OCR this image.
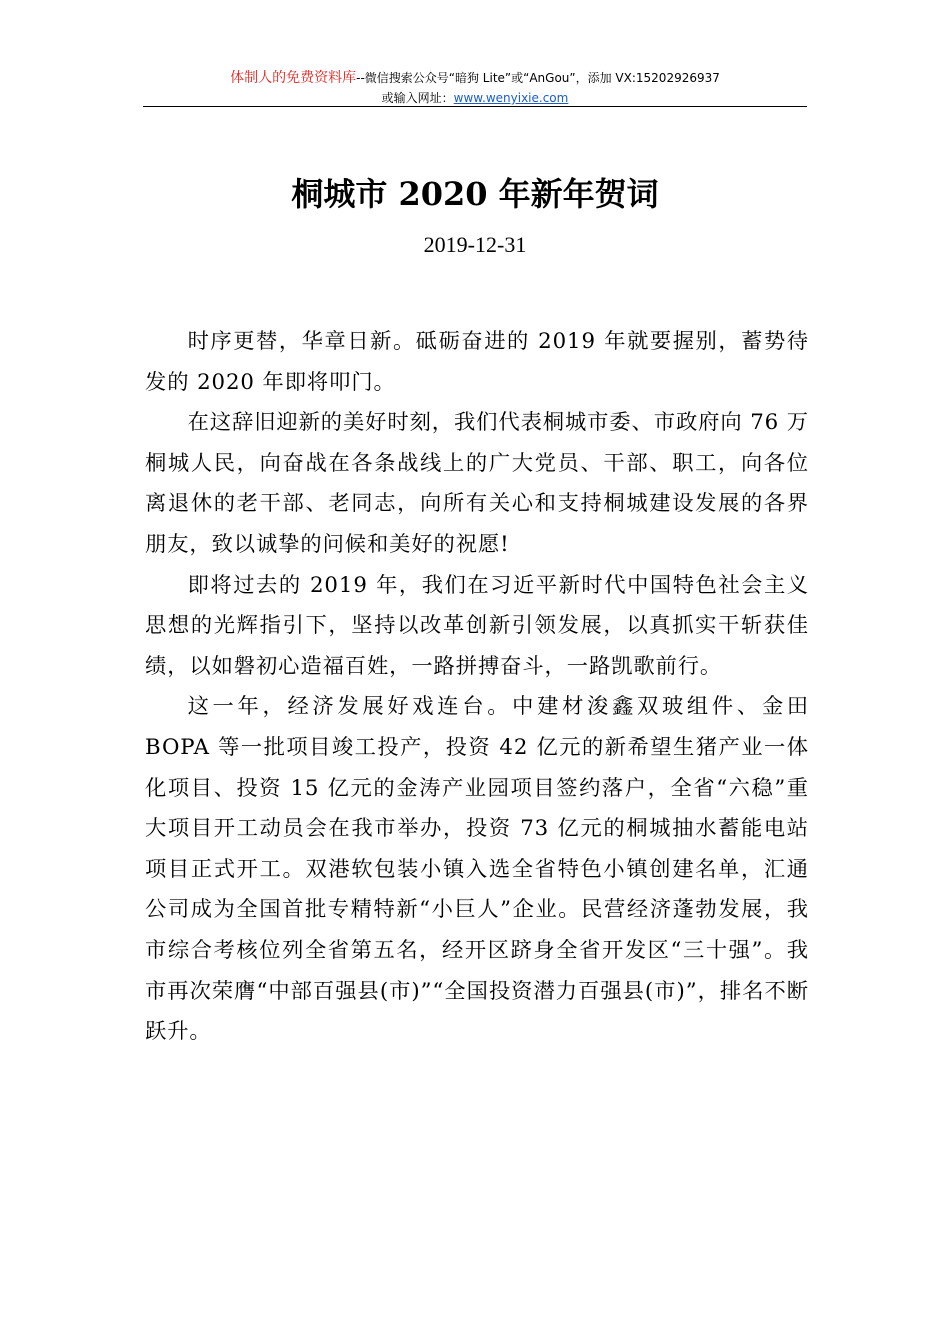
体制人的免费资料库--微信搜索公众号“暗狗 Lite”或“AnGou”，添加 VX:15202926937
或输入网址：www.wenyixie.com
桐城市 2020 年新年贺词
2019-12-31

时序更替，华章日新。砥砺奋进的 2019 年就要握别，蓄势待发的 2020 年即将叩门。

在这辞旧迎新的美好时刻，我们代表桐城市委、市政府向 76 万桐城人民，向奋战在各条战线上的广大党员、干部、职工，向各位离退休的老干部、老同志，向所有关心和支持桐城建设发展的各界朋友，致以诚挚的问候和美好的祝愿!

即将过去的 2019 年，我们在习近平新时代中国特色社会主义思想的光辉指引下，坚持以改革创新引领发展，以真抓实干斩获佳绩，以如磐初心造福百姓，一路拼搏奋斗，一路凯歌前行。

这一年，经济发展好戏连台。中建材浚鑫双玻组件、金田 BOPA 等一批项目竣工投产，投资 42 亿元的新希望生猪产业一体化项目、投资 15 亿元的金涛产业园项目签约落户，全省“六稳”重大项目开工动员会在我市举办，投资 73 亿元的桐城抽水蓄能电站项目正式开工。双港软包装小镇入选全省特色小镇创建名单，汇通公司成为全国首批专精特新“小巨人”企业。民营经济蓬勃发展，我市综合考核位列全省第五名，经开区跻身全省开发区“三十强”。我市再次荣膺“中部百强县(市)”“全国投资潜力百强县(市)”，排名不断跃升。
